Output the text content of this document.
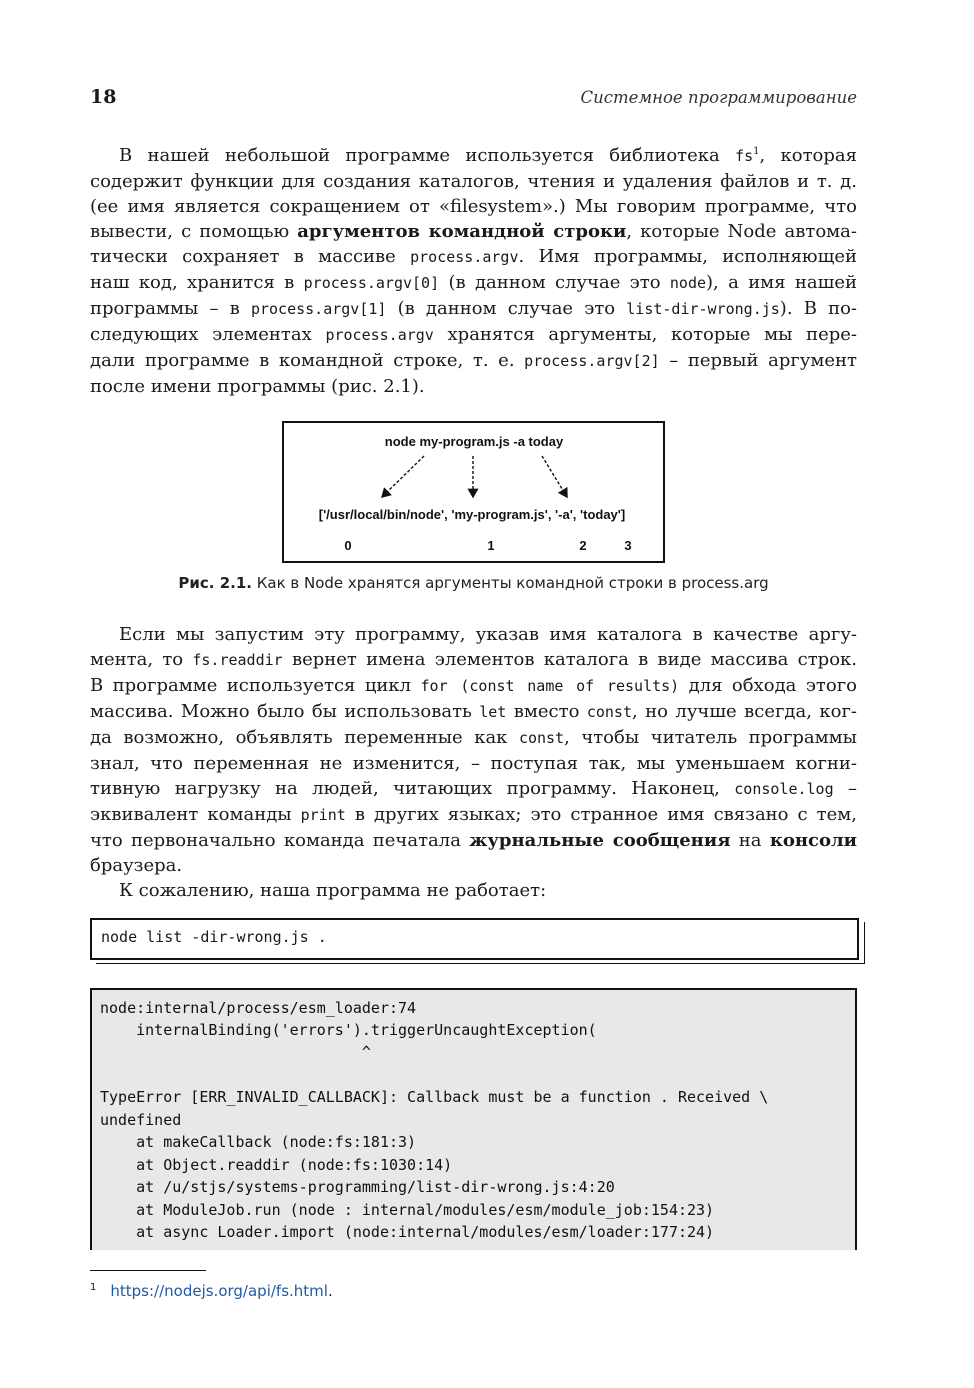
18	Системное программирование
В нашей небольшой программе используется библиотека $fs^1$, которая
содержит функции для создания каталогов, чтения и удаления файлов и т. д.
(ее имя является сокращением от «filesystem».) Мы говорим программе, что
вывести, с помощью аргументов командной строки, которые Node автома-
тически сохраняет в массиве process.argv. Имя программы, исполняющей
наш код, хранится в process.argv[0] (в данном случае это node), а имя нашей
программы – в process.argv[1] (в данном случае это list-dir-wrong.js). В по-
следующих элементах process.argv хранятся аргументы, которые мы пере-
дали программе в командной строке, т. е. process.argv[2] – первый аргумент
после имени программы (рис. 2.1).
node my-program.js -a today
['/usr/local/bin/node', 'my-program.js', '-a', 'today']
0	1	2	3
Рис. 2.1. Как в Node хранятся аргументы командной строки в process.arg
Если мы запустим эту программу, указав имя каталога в качестве аргу-
мента, то fs.readdir вернет имена элементов каталога в виде массива строк.
В программе используется цикл for (const name of results) для обхода этого
массива. Можно было бы использовать let вместо const, но лучше всегда, ког-
да возможно, объявлять переменные как const, чтобы читатель программы
знал, что переменная не изменится, – поступая так, мы уменьшаем когни-
тивную нагрузку на людей, читающих программу. Наконец, console.log –
эквивалент команды print в других языках; это странное имя связано с тем,
что первоначально команда печатала журнальные сообщения на консоли
браузера.
К сожалению, наша программа не работает:
node list -dir-wrong.js .
node:internal/process/esm_loader:74
internalBinding('errors').triggerUncaughtException(
^
TypeError [ERR_INVALID_CALLBACK]: Callback must be a function . Received \
undefined
at makeCallback (node:fs:181:3)
at Object.readdir (node:fs:1030:14)
at /u/stjs/systems-programming/list-dir-wrong.js:4:20
at ModuleJob.run (node : internal/modules/esm/module_job:154:23)
at async Loader.import (node:internal/modules/esm/loader:177:24)
$^1$ https://nodejs.org/api/fs.html.
